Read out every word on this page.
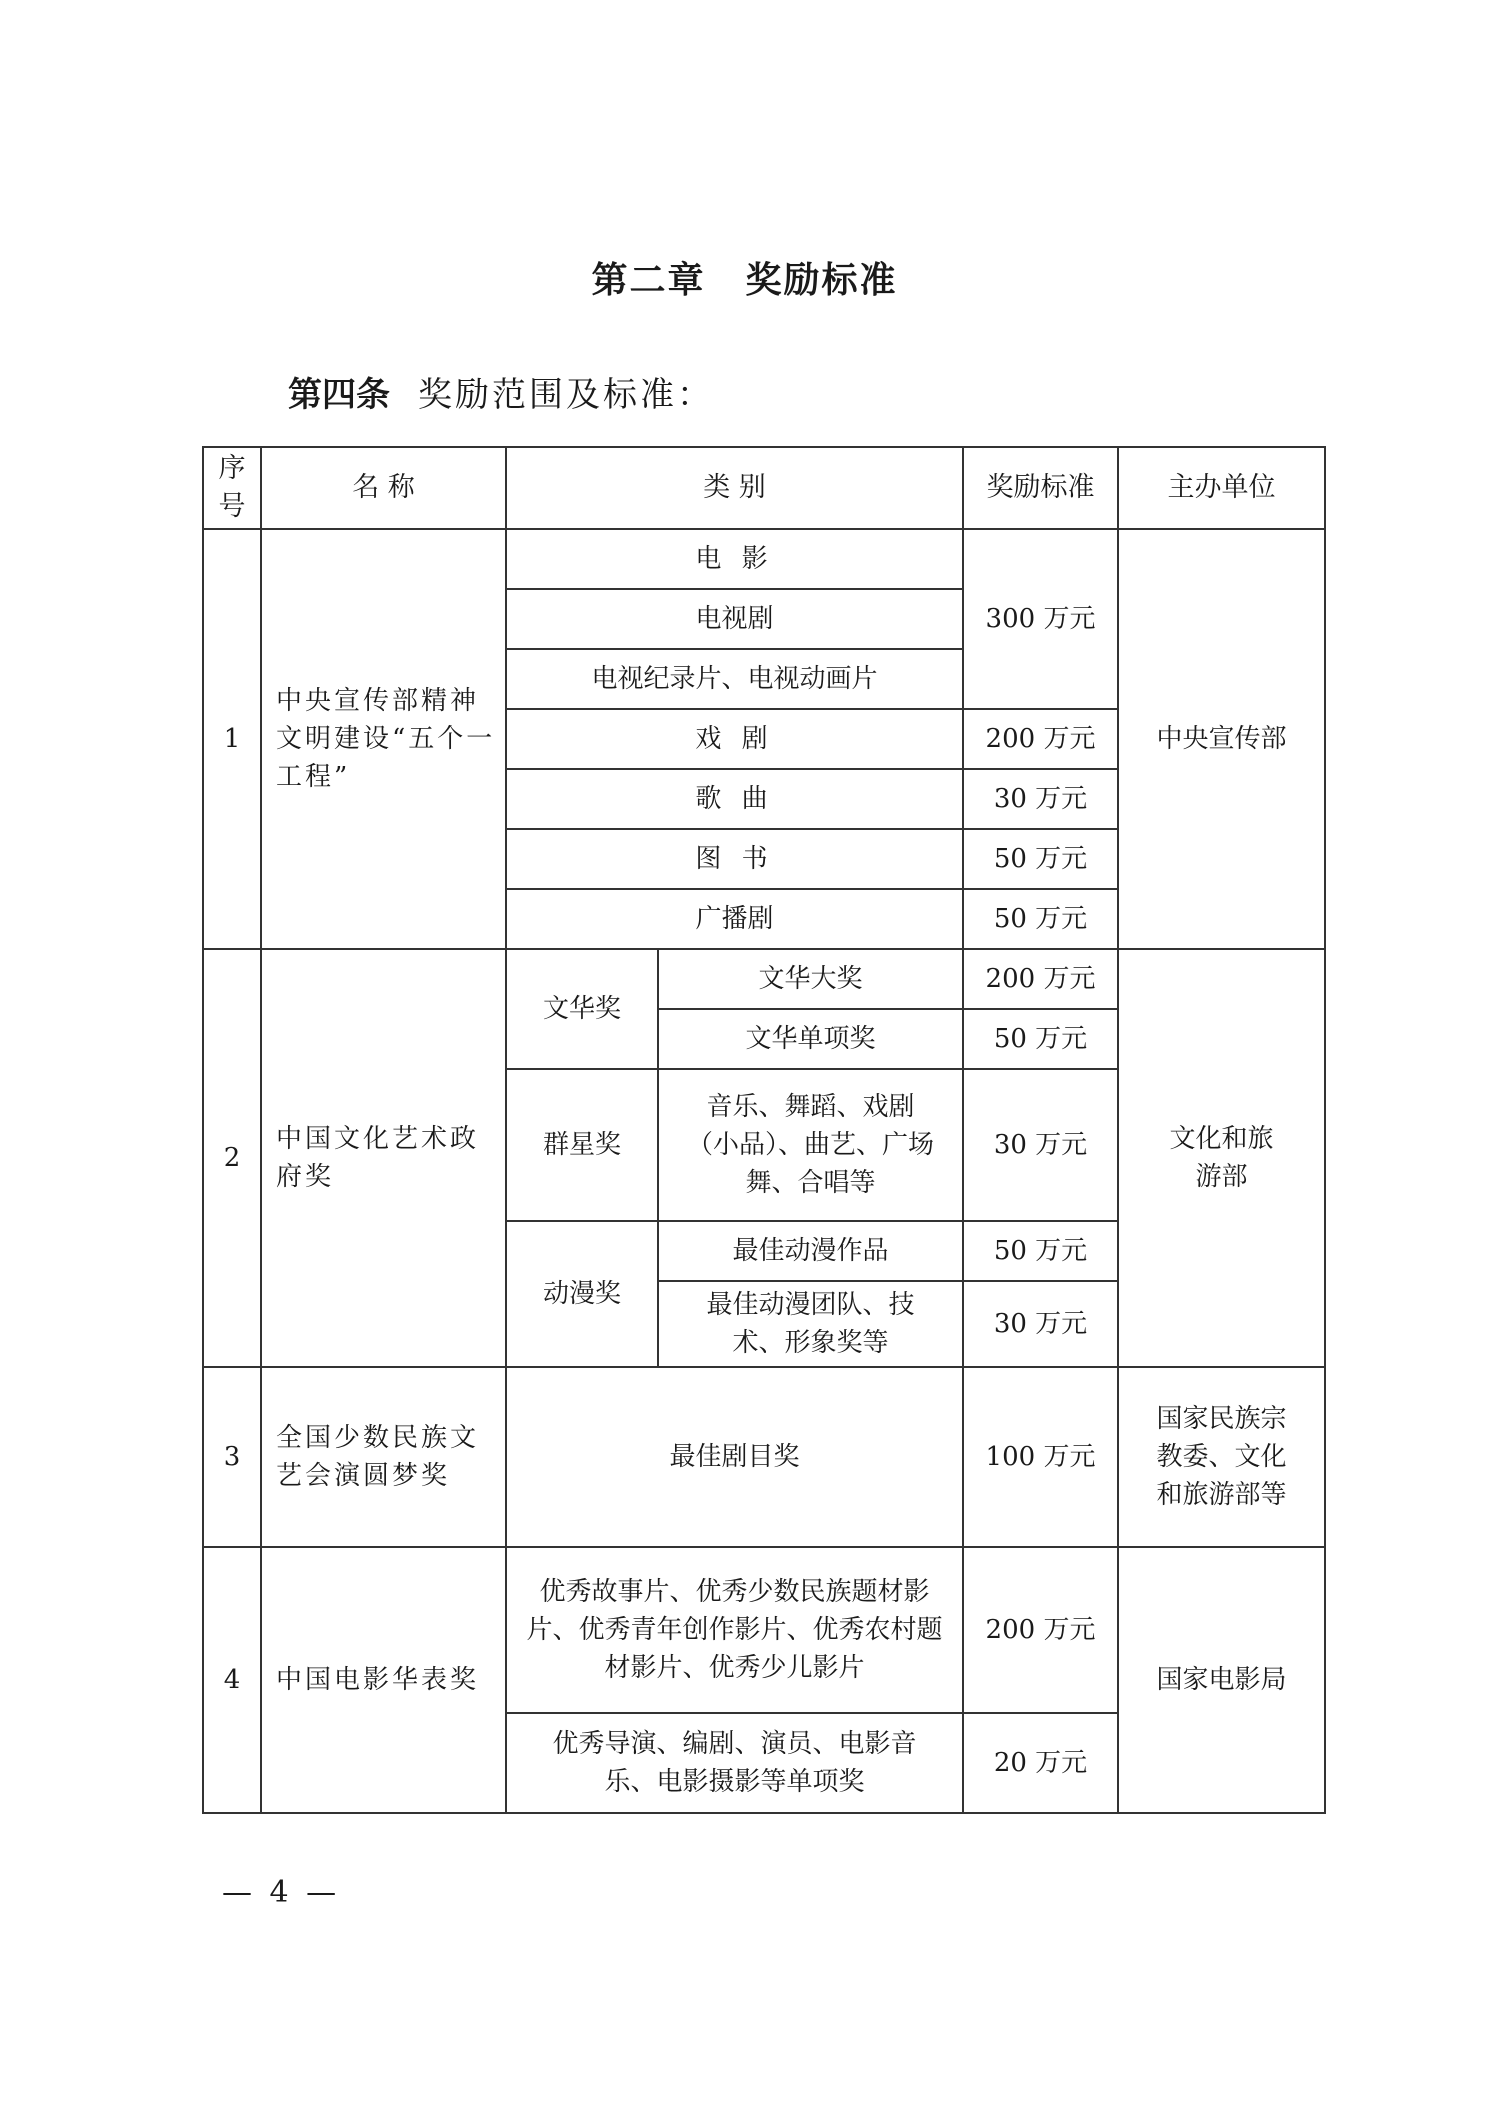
第二章 奖励标准
第四条 奖励范围及标准：
序号	名 称	类 别		奖励标准	主办单位
1	中央宣传部精神文明建设“五个一工程”	电 影		300 万元	中央宣传部
		电视剧			
		电视纪录片、电视动画片			
		戏 剧		200 万元	
		歌 曲		30 万元	
		图 书		50 万元	
		广播剧		50 万元	
2	中国文化艺术政府奖	文华奖	文华大奖	200 万元	文化和旅游部
			文华单项奖	50 万元	
		群星奖	音乐、舞蹈、戏剧（小品）、曲艺、广场舞、合唱等	30 万元	
		动漫奖	最佳动漫作品	50 万元	
			最佳动漫团队、技术、形象奖等	30 万元	

3	全国少数民族文艺会演圆梦奖	最佳剧目奖		100 万元	国家民族宗教委、文化和旅游部等
4	中国电影华表奖	优秀故事片、优秀少数民族题材影片、优秀青年创作影片、优秀农村题材影片、优秀少儿影片		200 万元	国家电影局
		优秀导演、编剧、演员、电影音乐、电影摄影等单项奖		20 万元	
— 4 —
